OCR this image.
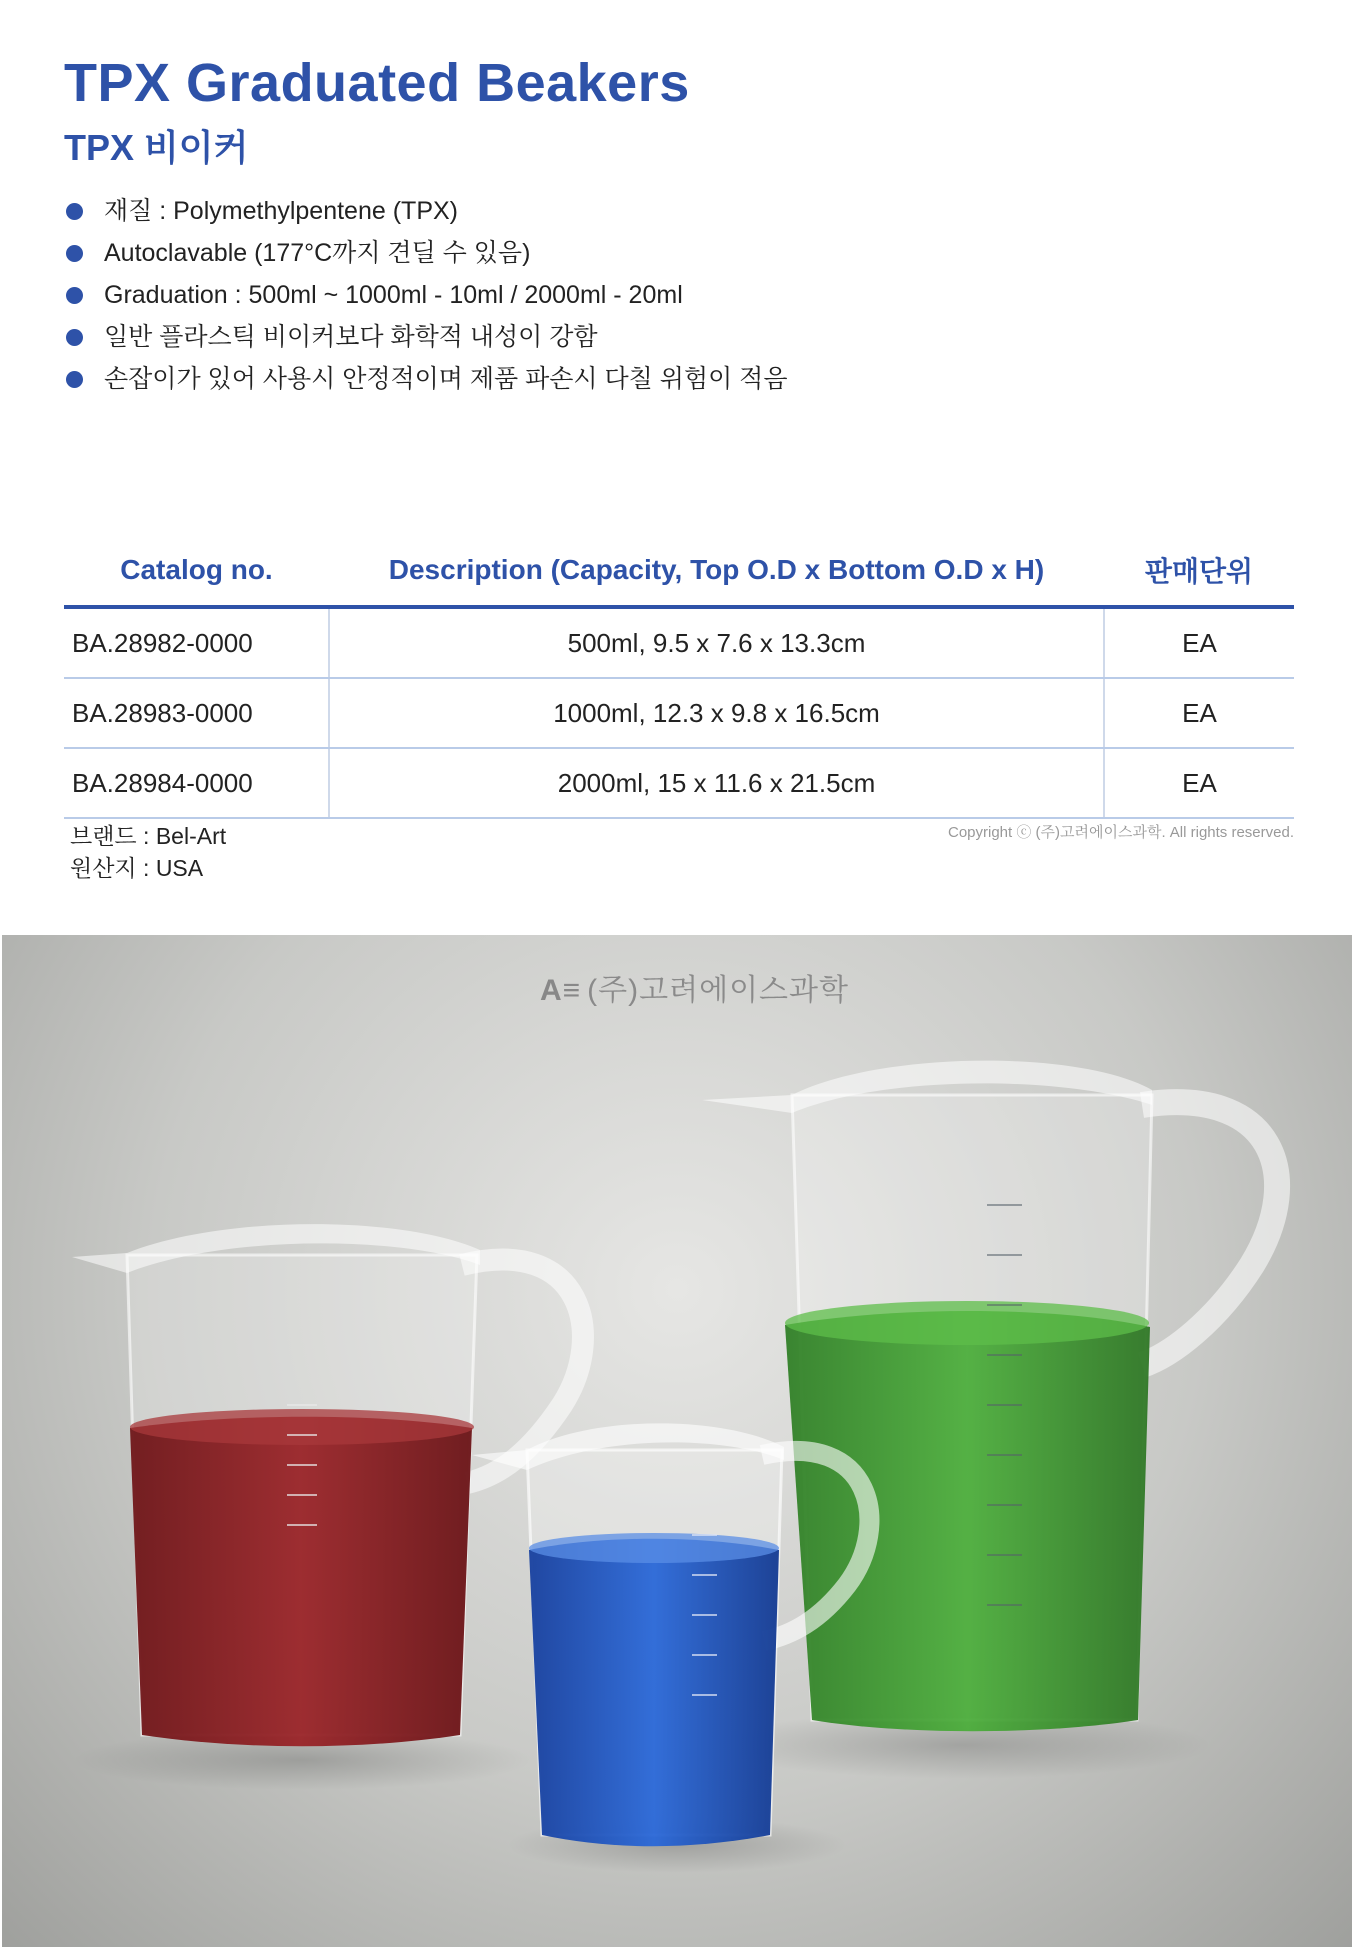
TPX Graduated Beakers
TPX 비이커
재질 : Polymethylpentene (TPX)
Autoclavable (177°C까지 견딜 수 있음)
Graduation : 500ml ~ 1000ml - 10ml / 2000ml - 20ml
일반 플라스틱 비이커보다 화학적 내성이 강함
손잡이가 있어 사용시 안정적이며 제품 파손시 다칠 위험이 적음
Catalog no.	Description (Capacity, Top O.D x Bottom O.D x H)	판매단위
BA.28982-0000	500ml, 9.5 x 7.6 x 13.3cm	EA
BA.28983-0000	1000ml, 12.3 x 9.8 x 16.5cm	EA
BA.28984-0000	2000ml, 15 x 11.6 x 21.5cm	EA
브랜드 : Bel-Art
원산지 : USA
Copyright ⓒ (주)고려에이스과학. All rights reserved.
A≡ (주)고려에이스과학
